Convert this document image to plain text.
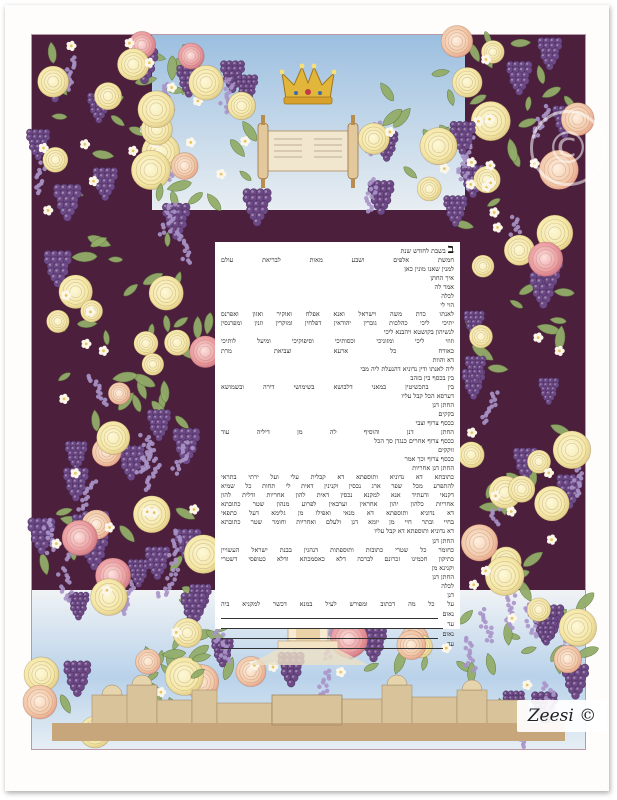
©
ב בשבת לחודש שנת
חמשת אלפים ושבע מאות לבריאת עולם
למנין שאנו מונין כאן
איך החתן
אמר לה
לכלה
הוי לי
לאנתו כדת משה וישראל ואנא אפלח ואוקיר ואזון ואפרנס
יתיכי ליכי כהלכות גוברין יהודאין דפלחין ומוקרין וזנין ומפרנסין
לנשיהון בקושטא ויהבנא ליכי
וזוזי ליכי ומזוניכי וכסותיכי וסיפוקיכי ומיעל לותיכי
כאורח כל ארעא וצביאת מרת
דא והוות
ליה לאנתו ודין נדוניא דהנעלת ליה מבי
בין בכסף בין בזהב
בין בתכשיטין במאני דלבושא בשימושי דירה ובשמושא
דערסא הכל קבל עליו
החתן דנן
בקקים
ככסף צרוף וצבי
החתן דנן והוסיף לה מן דיליה עוד
ככסף צרוף אחרים כנגדן סך הכל
זוקקים
ככסף צרוף וכך אמר
החתן דנן אחריות
כתובתא דא נדוניא ותוספתא דא קבלית עלי ועל ירתי בתראי
להתפרע מכל שפר ארג נכסין וקנינין דאית לי תחות כל שמיא
דקנאי ודעתיד אנא למקנא נכסין דאית להון אחריות ודלית להון
אחריות כלהון יהון אחראין וערבאין לפרוע מנהון שטר כתובתא
דא נדוניא ותוספתא דא מנאי ואפילו מן גלימא דעל כתפאי
בחיי ובתר חיי מן יומא דנן ולעלם ואחריות וחומר שטר כתובתא
דא נדוניא ותוספתא דא קבל עליו
החתן דנן
כחומר כל שטרי כתובות ותוספתות דנהגין בבנת ישראל העשויין
כתיקון חכמינו זכרונם לברכה דלא כאסמכתא ודלא כטופסי דשטרי
וקנינא מן
החתן דנן
לכלה
דנן
על כל מה דכתוב ומפורש לעיל במנא דכשר למקניא ביה
נאום
עד
נאום
עד
Zeesi ©
